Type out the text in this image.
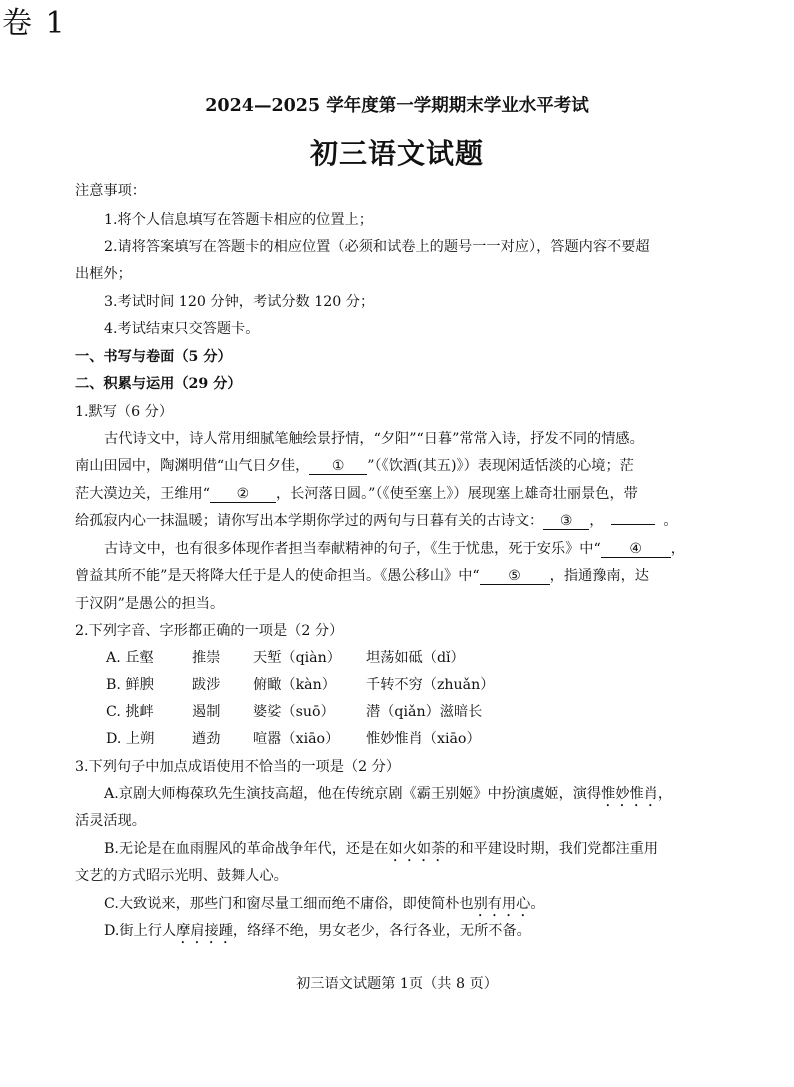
卷 1
2024—2025 学年度第一学期期末学业水平考试
初三语文试题
注意事项：
1.将个人信息填写在答题卡相应的位置上；
2.请将答案填写在答题卡的相应位置（必须和试卷上的题号一一对应），答题内容不要超
出框外；
3.考试时间 120 分钟，考试分数 120 分；
4.考试结束只交答题卡。
一、书写与卷面（5 分）
二、积累与运用（29 分）
1.默写（6 分）
古代诗文中，诗人常用细腻笔触绘景抒情，“夕阳”“日暮”常常入诗，抒发不同的情感。
南山田园中，陶渊明借“山气日夕佳， ① ”（《饮酒(其五)》）表现闲适恬淡的心境；茫
茫大漠边关，王维用“ ② ，长河落日圆。”（《使至塞上》）展现塞上雄奇壮丽景色，带
给孤寂内心一抹温暖；请你写出本学期你学过的两句与日暮有关的古诗文： ③ ，	。
古诗文中，也有很多体现作者担当奉献精神的句子，《生于忧患，死于安乐》中“ ④ ，
曾益其所不能”是天将降大任于是人的使命担当。《愚公移山》中“ ⑤ ，指通豫南，达
于汉阴”是愚公的担当。
2.下列字音、字形都正确的一项是（2 分）
A. 丘壑	推崇 天堑（qiàn） 坦荡如砥（dǐ）
B. 鲜腴	跋涉 俯瞰（kàn） 千转不穷（zhuǎn）
C. 挑衅	遏制 婆娑（suō） 潜（qiǎn）滋暗长
D. 上朔	遒劲 喧嚣（xiāo） 惟妙惟肖（xiāo）
3.下列句子中加点成语使用不恰当的一项是（2 分）
A.京剧大师梅葆玖先生演技高超，他在传统京剧《霸王别姬》中扮演虞姬，演得惟妙惟肖，
活灵活现。
B.无论是在血雨腥风的革命战争年代，还是在如火如荼的和平建设时期，我们党都注重用
文艺的方式昭示光明、鼓舞人心。
C.大致说来，那些门和窗尽量工细而绝不庸俗，即使简朴也别有用心。
D.街上行人摩肩接踵，络绎不绝，男女老少，各行各业，无所不备。
初三语文试题第 1页（共 8 页）
